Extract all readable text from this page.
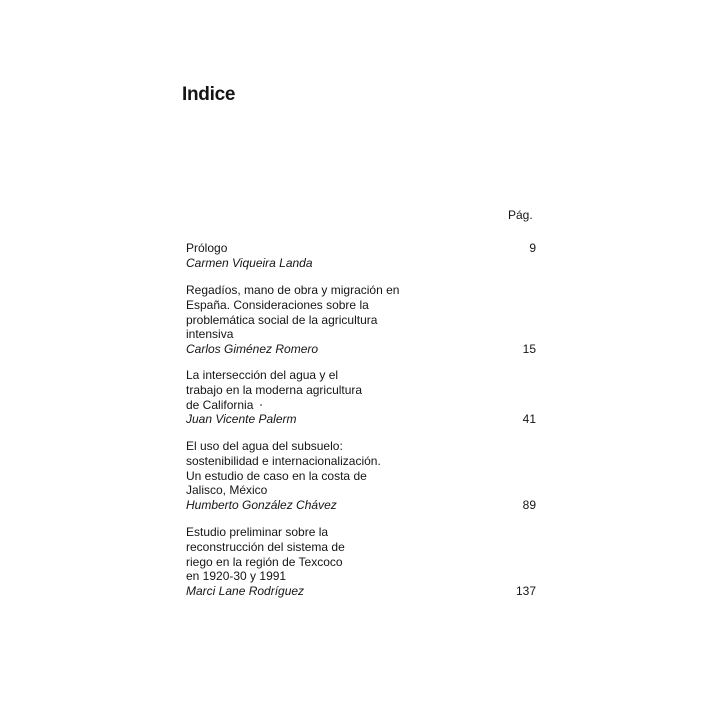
Indice
Pág.
Prólogo
Carmen Viqueira Landa
9
Regadíos, mano de obra y migración en
España. Consideraciones sobre la
problemática social de la agricultura
intensiva
Carlos Giménez Romero	15
La intersección del agua y el
trabajo en la moderna agricultura
de California
Juan Vicente Palerm	41
El uso del agua del subsuelo:
sostenibilidad e internacionalización.
Un estudio de caso en la costa de
Jalisco, México
Humberto González Chávez	89
Estudio preliminar sobre la
reconstrucción del sistema de
riego en la región de Texcoco
en 1920-30 y 1991
Marci Lane Rodríguez	137
